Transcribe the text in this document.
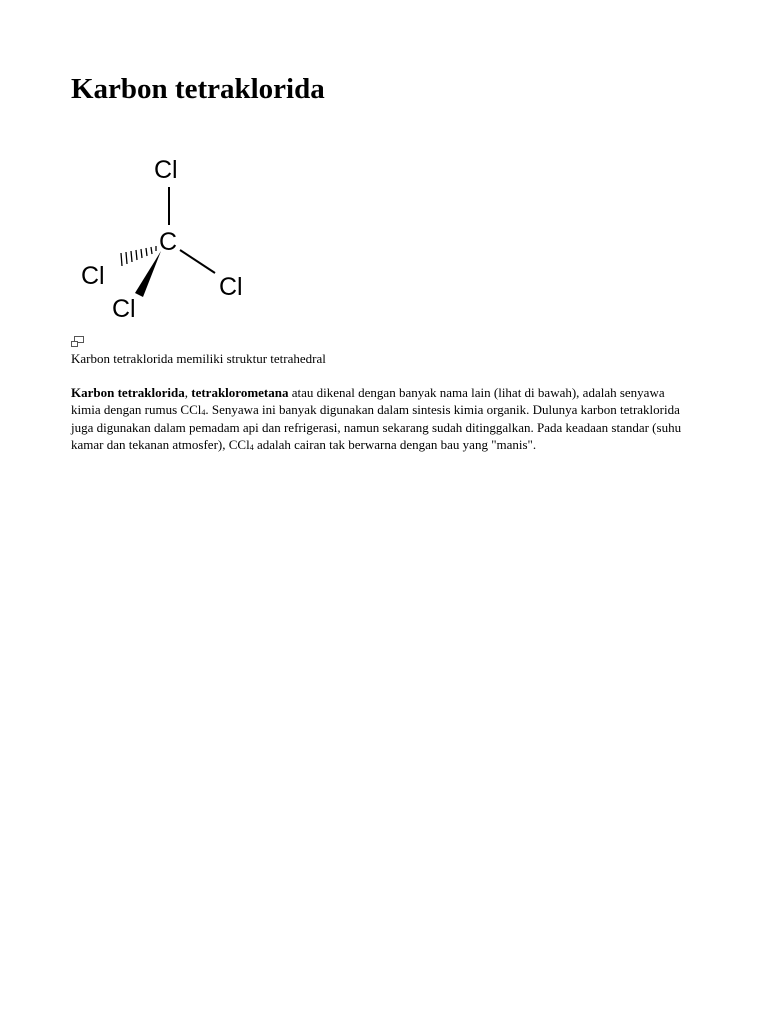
Karbon tetraklorida
C
Cl
Cl	Cl
Cl

Karbon tetraklorida memiliki struktur tetrahedral

Karbon tetraklorida, tetraklorometana atau dikenal dengan banyak nama lain (lihat di bawah), adalah senyawa kimia dengan rumus CCl$_4$. Senyawa ini banyak digunakan dalam sintesis kimia organik. Dulunya karbon tetraklorida juga digunakan dalam pemadam api dan refrigerasi, namun sekarang sudah ditinggalkan. Pada keadaan standar (suhu kamar dan tekanan atmosfer), CCl$_4$ adalah cairan tak berwarna dengan bau yang "manis".
